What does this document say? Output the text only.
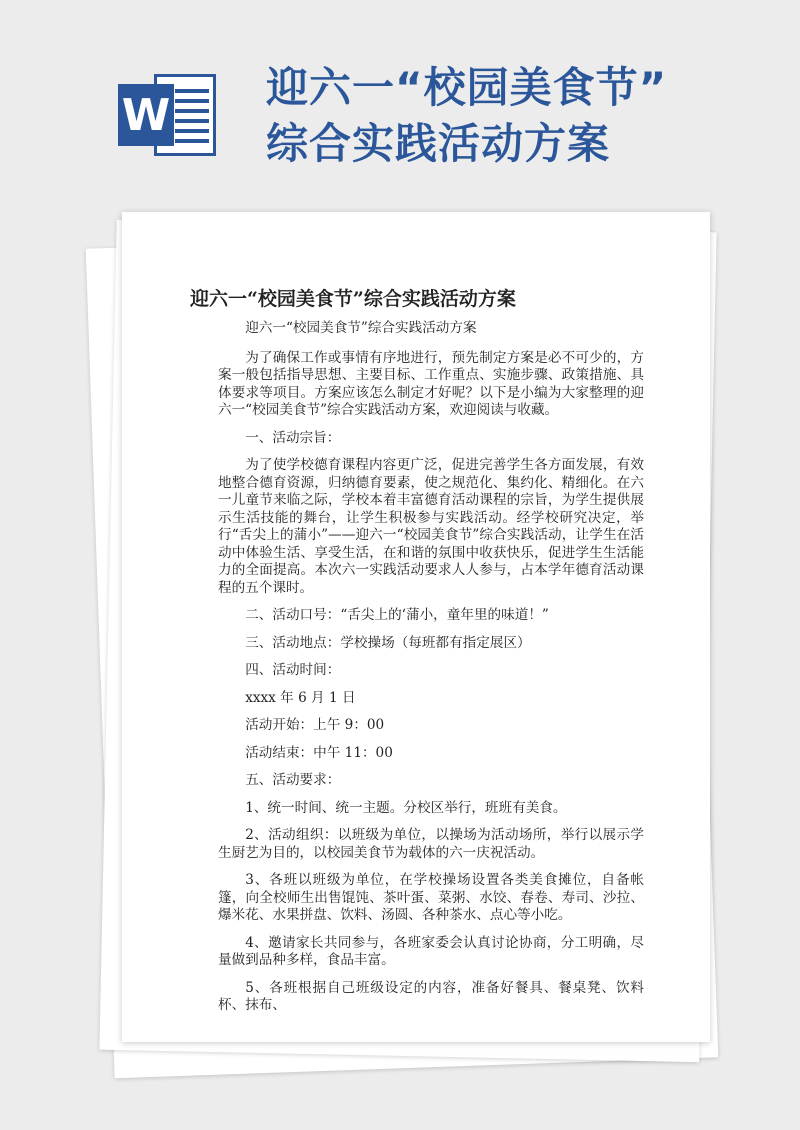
W
迎六一“校园美食节”
综合实践活动方案
迎六一“校园美食节”综合实践活动方案

迎六一“校园美食节”综合实践活动方案

为了确保工作或事情有序地进行，预先制定方案是必不可少的，方案一般包括指导思想、主要目标、工作重点、实施步骤、政策措施、具体要求等项目。方案应该怎么制定才好呢？以下是小编为大家整理的迎六一“校园美食节”综合实践活动方案，欢迎阅读与收藏。

一、活动宗旨：

为了使学校德育课程内容更广泛，促进完善学生各方面发展，有效地整合德育资源，归纳德育要素，使之规范化、集约化、精细化。在六一儿童节来临之际，学校本着丰富德育活动课程的宗旨，为学生提供展示生活技能的舞台，让学生积极参与实践活动。经学校研究决定，举行“舌尖上的蒲小”——迎六一“校园美食节”综合实践活动，让学生在活动中体验生活、享受生活，在和谐的氛围中收获快乐，促进学生生活能力的全面提高。本次六一实践活动要求人人参与，占本学年德育活动课程的五个课时。

二、活动口号：“舌尖上的‘蒲小，童年里的味道！”

三、活动地点：学校操场（每班都有指定展区）

四、活动时间：

xxxx 年 6 月 1 日

活动开始：上午 9：00

活动结束：中午 11：00

五、活动要求：

1、统一时间、统一主题。分校区举行，班班有美食。

2、活动组织：以班级为单位，以操场为活动场所，举行以展示学生厨艺为目的，以校园美食节为载体的六一庆祝活动。

3、各班以班级为单位，在学校操场设置各类美食摊位，自备帐篷，向全校师生出售馄饨、茶叶蛋、菜粥、水饺、春卷、寿司、沙拉、爆米花、水果拼盘、饮料、汤圆、各种茶水、点心等小吃。

4、邀请家长共同参与，各班家委会认真讨论协商，分工明确，尽量做到品种多样，食品丰富。

5、各班根据自己班级设定的内容，准备好餐具、餐桌凳、饮料杯、抹布、
